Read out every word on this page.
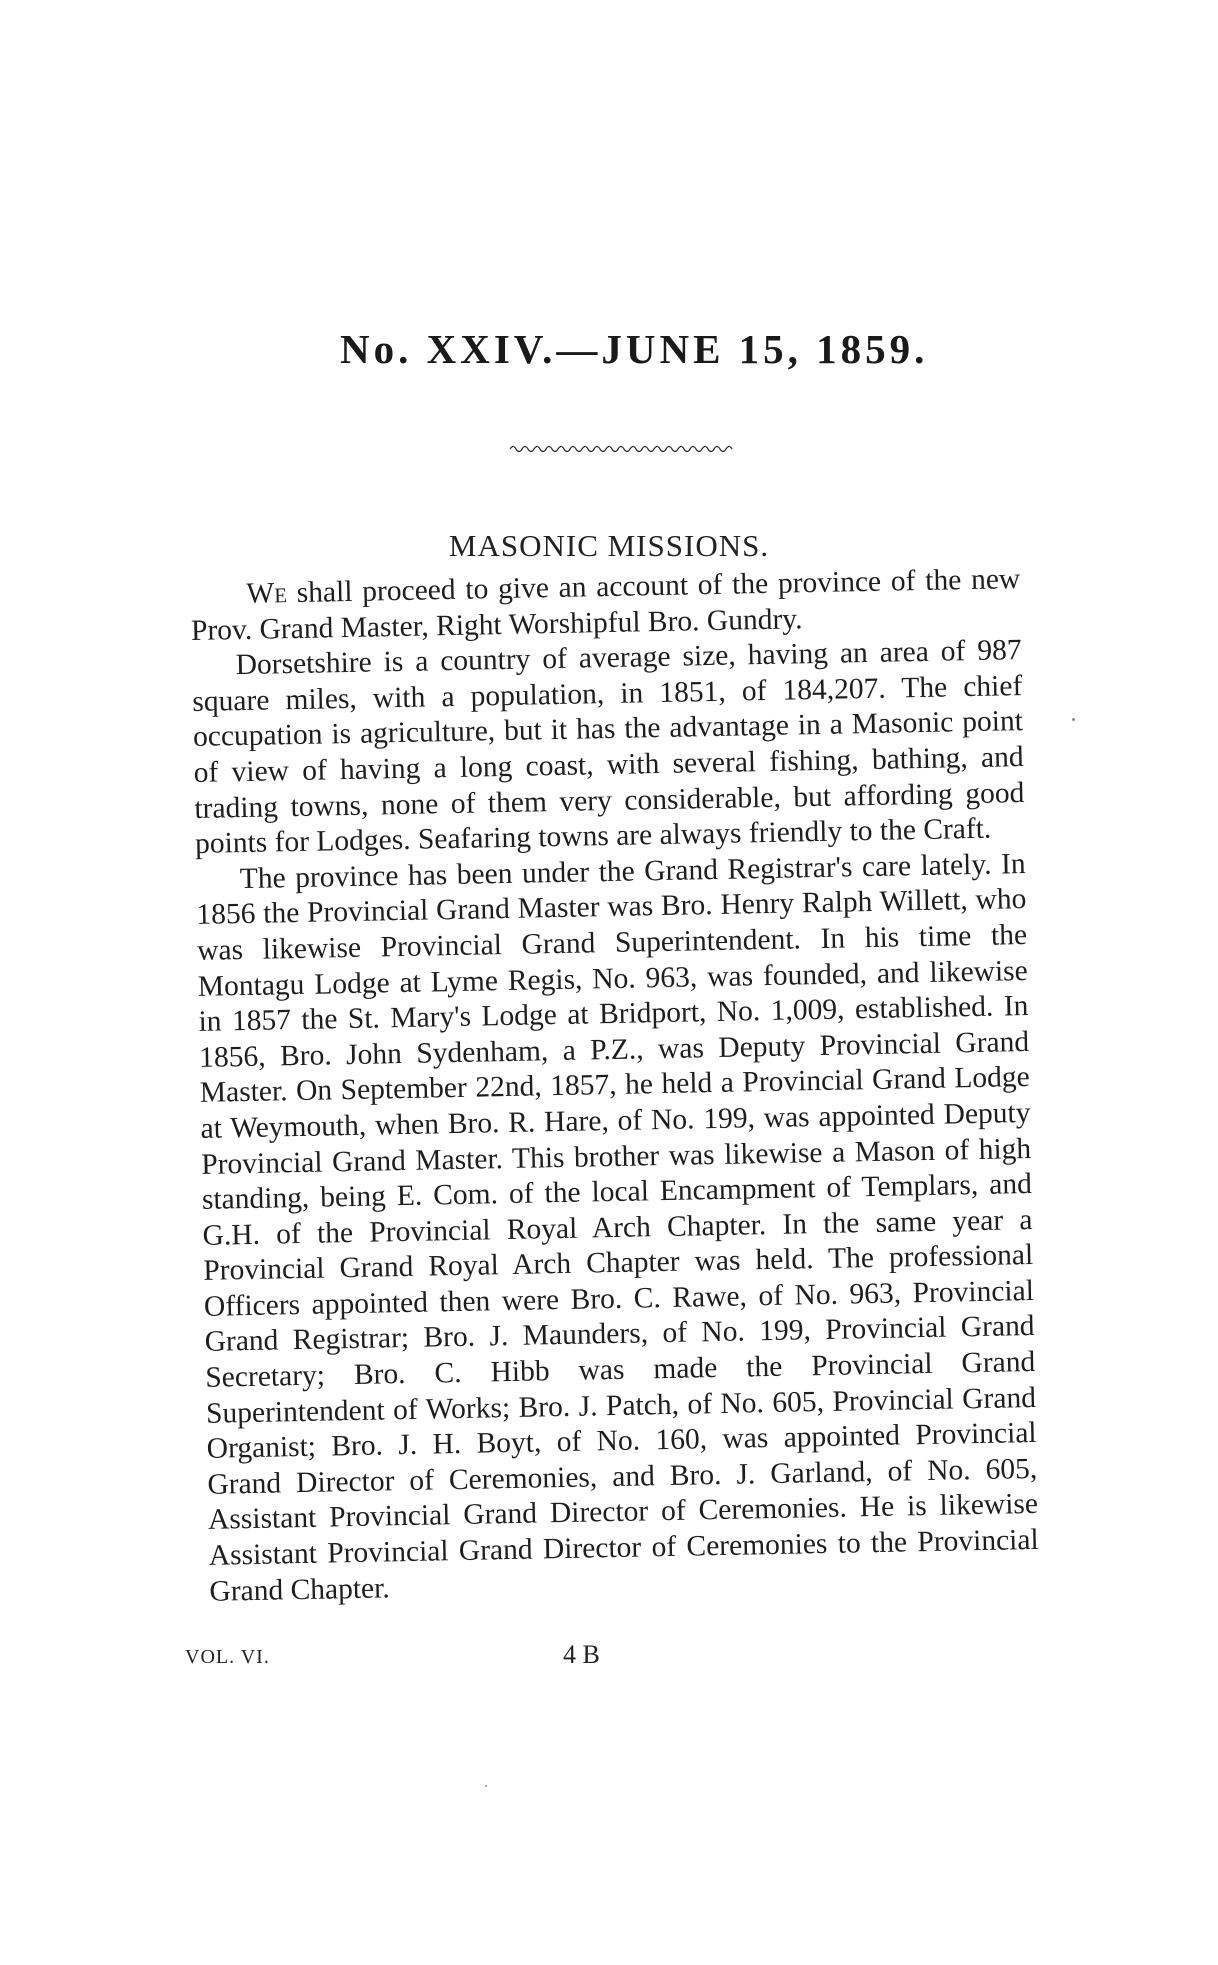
No. XXIV.—JUNE 15, 1859.
MASONIC MISSIONS.

We shall proceed to give an account of the province of the new Prov. Grand Master, Right Worshipful Bro. Gundry.

Dorsetshire is a country of average size, having an area of 987 square miles, with a population, in 1851, of 184,207. The chief occupation is agriculture, but it has the advantage in a Masonic point of view of having a long coast, with several fishing, bathing, and trading towns, none of them very considerable, but affording good points for Lodges. Seafaring towns are always friendly to the Craft.

The province has been under the Grand Registrar's care lately. In 1856 the Provincial Grand Master was Bro. Henry Ralph Willett, who was likewise Provincial Grand Superintendent. In his time the Montagu Lodge at Lyme Regis, No. 963, was founded, and likewise in 1857 the St. Mary's Lodge at Bridport, No. 1,009, established. In 1856, Bro. John Sydenham, a P.Z., was Deputy Provincial Grand Master. On September 22nd, 1857, he held a Provincial Grand Lodge at Weymouth, when Bro. R. Hare, of No. 199, was appointed Deputy Provincial Grand Master. This brother was likewise a Mason of high standing, being E. Com. of the local Encampment of Templars, and G.H. of the Provincial Royal Arch Chapter. In the same year a Provincial Grand Royal Arch Chapter was held. The professional Officers appointed then were Bro. C. Rawe, of No. 963, Provincial Grand Registrar; Bro. J. Maunders, of No. 199, Provincial Grand Secretary; Bro. C. Hibb was made the Provincial Grand Superintendent of Works; Bro. J. Patch, of No. 605, Provincial Grand Organist; Bro. J. H. Boyt, of No. 160, was appointed Provincial Grand Director of Ceremonies, and Bro. J. Garland, of No. 605, Assistant Provincial Grand Director of Ceremonies. He is likewise Assistant Provincial Grand Director of Ceremonies to the Provincial Grand Chapter.

VOL. VI.	4 B
